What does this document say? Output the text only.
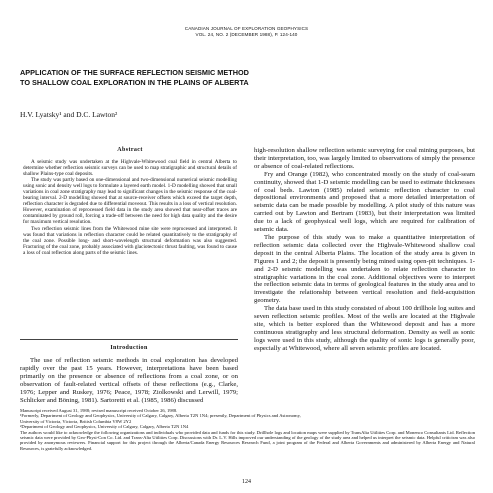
CANADIAN JOURNAL OF EXPLORATION GEOPHYSICS
VOL. 24, NO. 2 (DECEMBER 1988), P. 124-140
APPLICATION OF THE SURFACE REFLECTION SEISMIC METHOD
TO SHALLOW COAL EXPLORATION IN THE PLAINS OF ALBERTA
H.V. Lyatsky¹ and D.C. Lawton²
Abstract

A seismic study was undertaken at the Highvale-Whitewood coal field in central Alberta to determine whether reflection seismic surveys can be used to map stratigraphic and structural details of shallow Plains-type coal deposits.

The study was partly based on one-dimensional and two-dimensional numerical seismic modelling using sonic and density well logs to formulate a layered earth model. 1-D modelling showed that small variations in coal zone stratigraphy may lead to significant changes in the seismic response of the coal-bearing interval. 2-D modelling showed that at source-receiver offsets which exceed the target depth, reflection character is degraded due to differential moveout. This results in a loss of vertical resolution. However, examination of reprocessed field data in the study area showed that near-offset traces are contaminated by ground roll, forcing a trade-off between the need for high data quality and the desire for maximum vertical resolution.

Two reflection seismic lines from the Whitewood mine site were reprocessed and interpreted. It was found that variations in reflection character could be related quantitatively to the stratigraphy of the coal zone. Possible long- and short-wavelength structural deformation was also suggested. Fracturing of the coal zone, probably associated with glaciotectonic thrust faulting, was found to cause a loss of coal reflection along parts of the seismic lines.

Introduction

The use of reflection seismic methods in coal exploration has developed rapidly over the past 15 years. However, interpretations have been based primarily on the presence or absence of reflections from a coal zone, or on observation of fault-related vertical offsets of these reflections (e.g., Clarke, 1976; Lepper and Ruskey, 1976; Peace, 1978; Ziolkowski and Lerwill, 1979; Schlicker and Böning, 1981). Sartoretti et al. (1985, 1986) discussed

high-resolution shallow reflection seismic surveying for coal mining purposes, but their interpretation, too, was largely limited to observations of simply the presence or absence of coal-related reflections.

Fry and Orange (1982), who concentrated mostly on the study of coal-seam continuity, showed that 1-D seismic modelling can be used to estimate thicknesses of coal beds. Lawton (1985) related seismic reflection character to coal depositional environments and proposed that a more detailed interpretation of seismic data can be made possible by modelling. A pilot study of this nature was carried out by Lawton and Bertram (1983), but their interpretation was limited due to a lack of geophysical well logs, which are required for calibration of seismic data.

The purpose of this study was to make a quantitative interpretation of reflection seismic data collected over the Highvale-Whitewood shallow coal deposit in the central Alberta Plains. The location of the study area is given in Figures 1 and 2; the deposit is presently being mined using open-pit techniques. 1- and 2-D seismic modelling was undertaken to relate reflection character to stratigraphic variations in the coal zone. Additional objectives were to interpret the reflection seismic data in terms of geological features in the study area and to investigate the relationship between vertical resolution and field-acquisition geometry.

The data base used in this study consisted of about 100 drillhole log suites and seven reflection seismic profiles. Most of the wells are located at the Highvale site, which is better explored than the Whitewood deposit and has a more continuous stratigraphy and less structural deformation. Density as well as sonic logs were used in this study, although the quality of sonic logs is generally poor, especially at Whitewood, where all seven seismic profiles are located.

Manuscript received August 31, 1988; revised manuscript received October 26, 1988.
¹Formerly, Department of Geology and Geophysics, University of Calgary, Calgary, Alberta T2N 1N4; presently, Department of Physics and Astronomy,
University of Victoria, Victoria, British Columbia V8W 2Y2
²Department of Geology and Geophysics, University of Calgary, Calgary, Alberta T2N 1N4
The authors would like to acknowledge the following organizations and individuals who provided data and funds for this study. Drillhole logs and location maps were supplied by TransAlta Utilities Corp. and Monenco Consultants Ltd. Reflection seismic data were provided by Geo-Physi-Con Co. Ltd. and Trans-Alta Utilities Corp. Discussions with Dr. L.V. Hills improved our understanding of the geology of the study area and helped us interpret the seismic data. Helpful criticism was also provided by anonymous reviewers. Financial support for this project through the Alberta/Canada Energy Resources Research Fund, a joint program of the Federal and Alberta Governments and administered by Alberta Energy and Natural Resources, is gratefully acknowledged.
124
